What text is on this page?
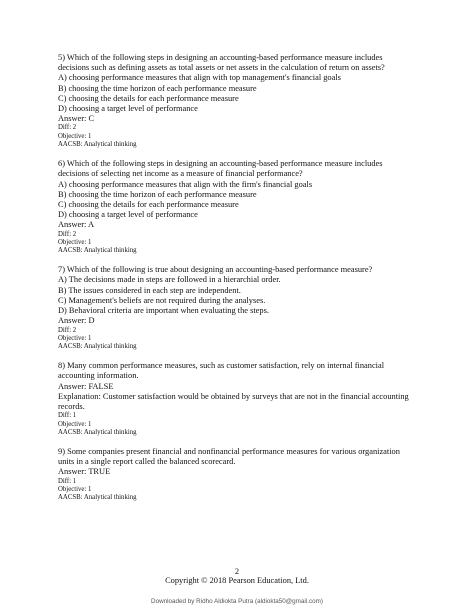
5) Which of the following steps in designing an accounting-based performance measure includes
decisions such as defining assets as total assets or net assets in the calculation of return on assets?
A) choosing performance measures that align with top management's financial goals
B) choosing the time horizon of each performance measure
C) choosing the details for each performance measure
D) choosing a target level of performance
Answer: C
Diff: 2
Objective: 1
AACSB: Analytical thinking
6) Which of the following steps in designing an accounting-based performance measure includes
decisions of selecting net income as a measure of financial performance?
A) choosing performance measures that align with the firm's financial goals
B) choosing the time horizon of each performance measure
C) choosing the details for each performance measure
D) choosing a target level of performance
Answer: A
Diff: 2
Objective: 1
AACSB: Analytical thinking
7) Which of the following is true about designing an accounting-based performance measure?
A) The decisions made in steps are followed in a hierarchial order.
B) The issues considered in each step are independent.
C) Management's beliefs are not required during the analyses.
D) Behavioral criteria are important when evaluating the steps.
Answer: D
Diff: 2
Objective: 1
AACSB: Analytical thinking
8) Many common performance measures, such as customer satisfaction, rely on internal financial
accounting information.
Answer: FALSE
Explanation: Customer satisfaction would be obtained by surveys that are not in the financial accounting
records.
Diff: 1
Objective: 1
AACSB: Analytical thinking
9) Some companies present financial and nonfinancial performance measures for various organization
units in a single report called the balanced scorecard.
Answer: TRUE
Diff: 1
Objective: 1
AACSB: Analytical thinking
2
Copyright © 2018 Pearson Education, Ltd.
Downloaded by Ridho Aldiokta Putra (aldiokta50@gmail.com)
